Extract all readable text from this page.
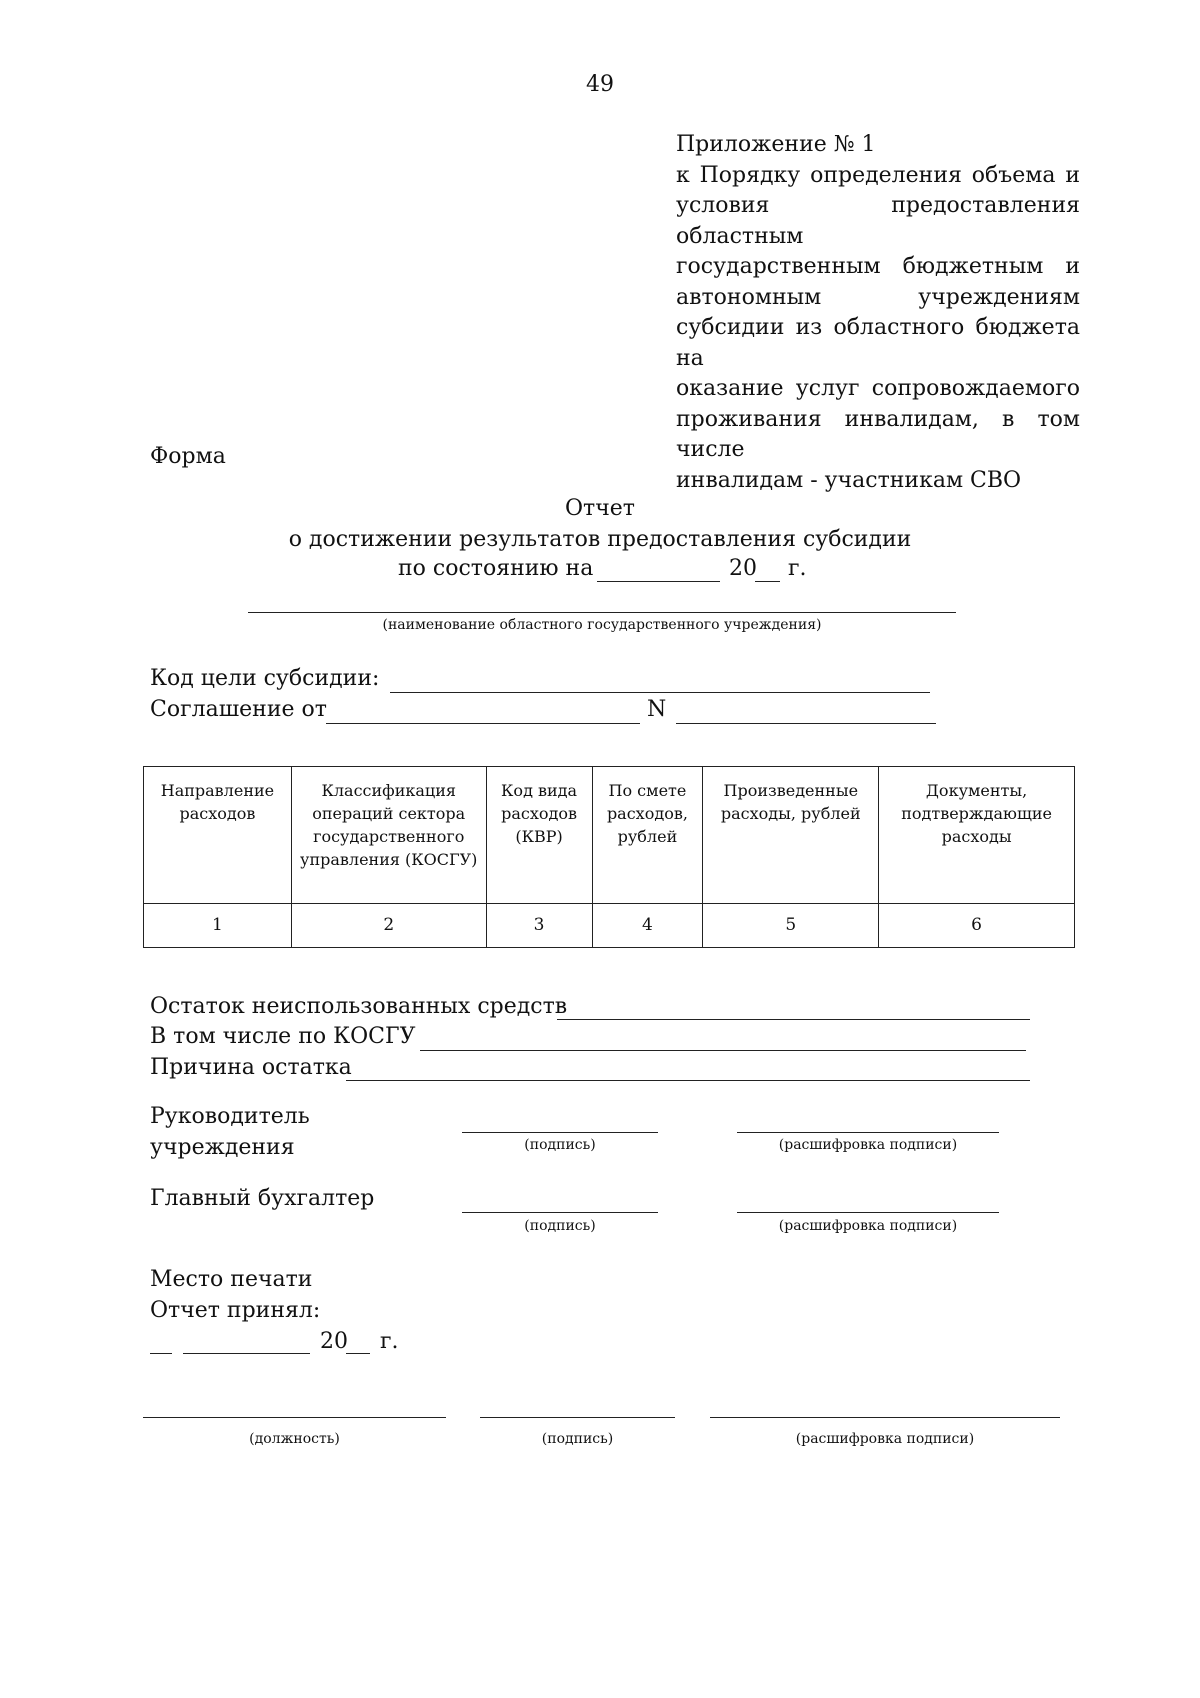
49
Приложение № 1
к Порядку определения объема и
условия предоставления областным
государственным бюджетным и
автономным учреждениям
субсидии из областного бюджета на
оказание услуг сопровождаемого
проживания инвалидам, в том числе
инвалидам - участникам СВО
Форма
Отчет
о достижении результатов предоставления субсидии
по состоянию на	20 г.
(наименование областного государственного учреждения)
Код цели субсидии:
Соглашение от	N
Направление расходов	Классификация операций сектора государственного управления (КОСГУ)	Код вида расходов (КВР)	По смете расходов, рублей	Произведенные расходы, рублей	Документы, подтверждающие расходы
1	2	3	4	5	6
Остаток неиспользованных средств
В том числе по КОСГУ
Причина остатка
Руководитель
учреждения	(подпись)	(расшифровка подписи)
Главный бухгалтер
(подпись)	(расшифровка подписи)
Место печати
Отчет принял:
20 г.
(должность)	(подпись)	(расшифровка подписи)
